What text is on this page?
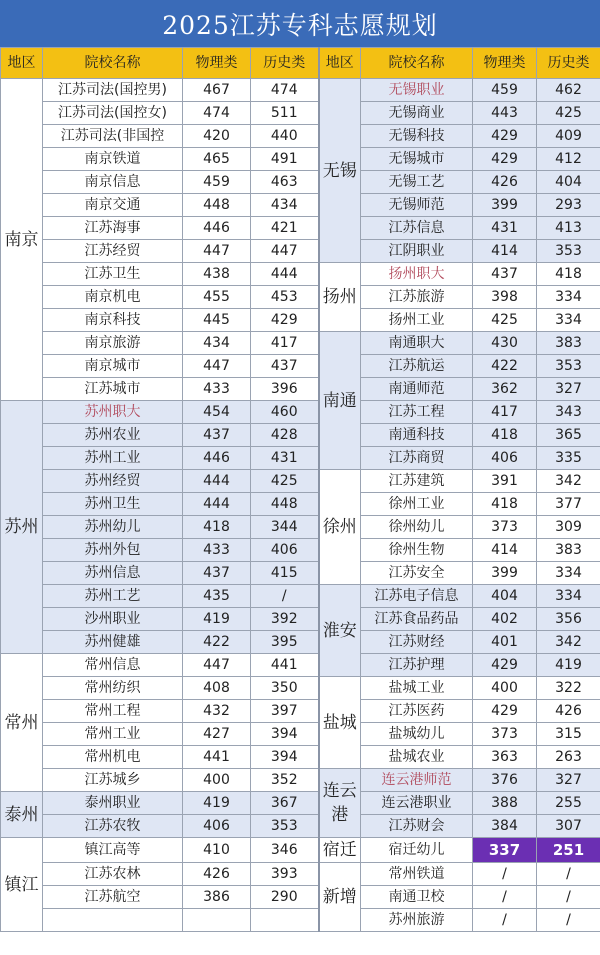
2025江苏专科志愿规划
地区	院校名称	物理类	历史类	地区	院校名称	物理类	历史类
南京	江苏司法(国控男)	467	474	无锡	无锡职业	459	462
	江苏司法(国控女)	474	511		无锡商业	443	425
	江苏司法(非国控	420	440		无锡科技	429	409
	南京铁道	465	491		无锡城市	429	412
	南京信息	459	463		无锡工艺	426	404
	南京交通	448	434		无锡师范	399	293
	江苏海事	446	421		江苏信息	431	413
	江苏经贸	447	447		江阴职业	414	353
	江苏卫生	438	444	扬州	扬州职大	437	418
	南京机电	455	453		江苏旅游	398	334
	南京科技	445	429		扬州工业	425	334
	南京旅游	434	417	南通	南通职大	430	383
	南京城市	447	437		江苏航运	422	353
	江苏城市	433	396		南通师范	362	327
苏州	苏州职大	454	460		江苏工程	417	343
	苏州农业	437	428		南通科技	418	365
	苏州工业	446	431		江苏商贸	406	335
	苏州经贸	444	425	徐州	江苏建筑	391	342
	苏州卫生	444	448		徐州工业	418	377
	苏州幼儿	418	344		徐州幼儿	373	309
	苏州外包	433	406		徐州生物	414	383
	苏州信息	437	415		江苏安全	399	334
	苏州工艺	435	/	淮安	江苏电子信息	404	334
	沙州职业	419	392		江苏食品药品	402	356
	苏州健雄	422	395		江苏财经	401	342
常州	常州信息	447	441		江苏护理	429	419
	常州纺织	408	350	盐城	盐城工业	400	322
	常州工程	432	397		江苏医药	429	426
	常州工业	427	394		盐城幼儿	373	315
	常州机电	441	394		盐城农业	363	263
	江苏城乡	400	352	连云港	连云港师范	376	327
泰州	泰州职业	419	367		连云港职业	388	255
	江苏农牧	406	353		江苏财会	384	307
镇江	镇江高等	410	346	宿迁	宿迁幼儿	337	251
	江苏农林	426	393	新增	常州铁道	/	/
	江苏航空	386	290		南通卫校	/	/
					苏州旅游	/	/
